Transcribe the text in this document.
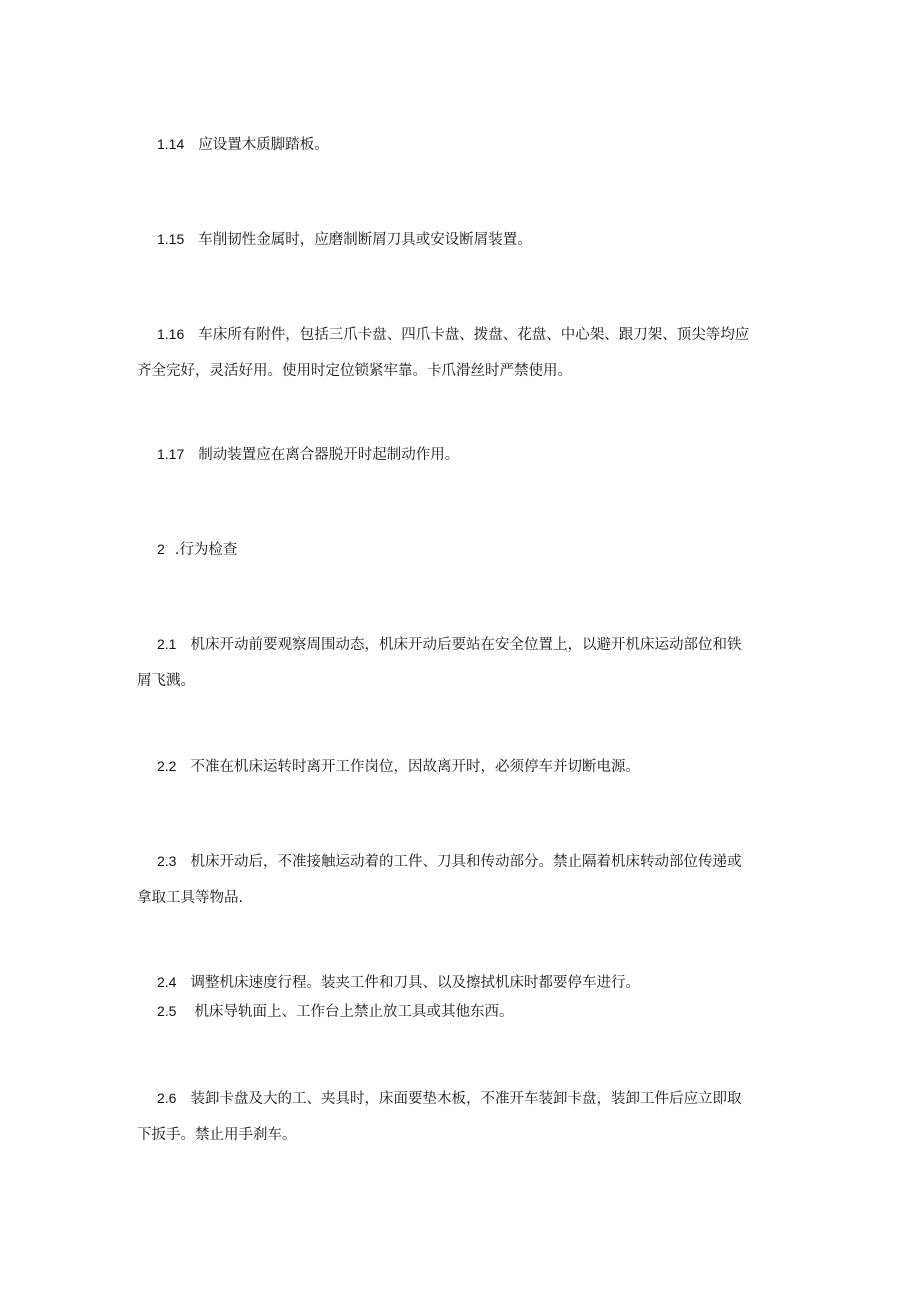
1.14 应设置木质脚踏板。
1.15 车削韧性金属时，应磨制断屑刀具或安设断屑装置。
1.16 车床所有附件，包括三爪卡盘、四爪卡盘、拨盘、花盘、中心架、跟刀架、顶尖等均应
齐全完好，灵活好用。使用时定位锁紧牢靠。卡爪滑丝时严禁使用。
1.17 制动装置应在离合器脱开时起制动作用。
2 .行为检查
2.1 机床开动前要观察周围动态，机床开动后要站在安全位置上，以避开机床运动部位和铁
屑飞溅。
2.2 不准在机床运转时离开工作岗位，因故离开时，必须停车并切断电源。
2.3 机床开动后，不准接触运动着的工件、刀具和传动部分。禁止隔着机床转动部位传递或
拿取工具等物品.
2.4 调整机床速度行程。装夹工件和刀具、以及擦拭机床时都要停车进行。
2.5 机床导轨面上、工作台上禁止放工具或其他东西。
2.6 装卸卡盘及大的工、夹具时，床面要垫木板，不准开车装卸卡盘，装卸工件后应立即取
下扳手。禁止用手刹车。
